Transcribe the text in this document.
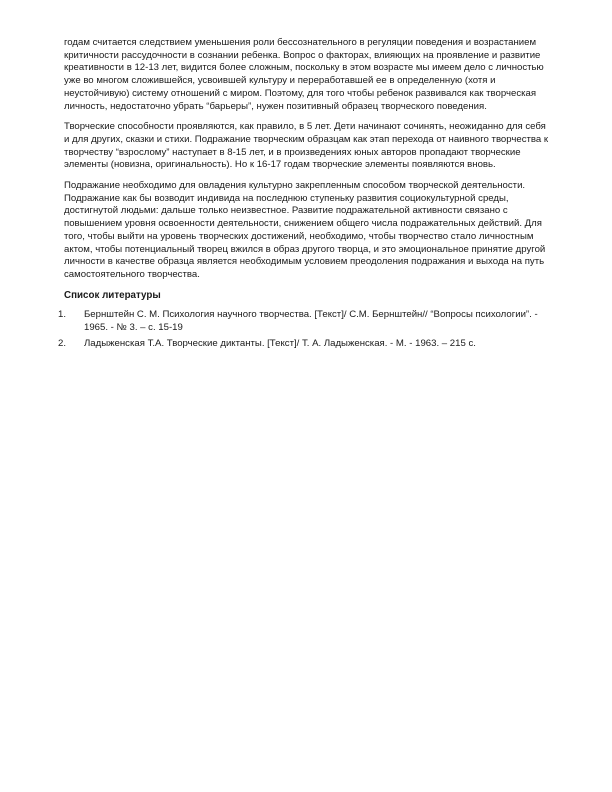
годам считается следствием уменьшения роли бессознательного в регуляции поведения и возрастанием критичности рассудочности в сознании ребенка. Вопрос о факторах, влияющих на проявление и развитие креативности в 12-13 лет, видится более сложным, поскольку в этом возрасте мы имеем дело с личностью уже во многом сложившейся, усвоившей культуру и переработавшей ее в определенную (хотя и неустойчивую) систему отношений с миром. Поэтому, для того чтобы ребенок развивался как творческая личность, недостаточно убрать “барьеры”, нужен позитивный образец творческого поведения.

Творческие способности проявляются, как правило, в 5 лет. Дети начинают сочинять, неожиданно для себя и для других, сказки и стихи. Подражание творческим образцам как этап перехода от наивного творчества к творчеству “взрослому” наступает в 8-15 лет, и в произведениях юных авторов пропадают творческие элементы (новизна, оригинальность). Но к 16-17 годам творческие элементы появляются вновь.

Подражание необходимо для овладения культурно закрепленным способом творческой деятельности. Подражание как бы возводит индивида на последнюю ступеньку развития социокультурной среды, достигнутой людьми: дальше только неизвестное. Развитие подражательной активности связано с повышением уровня освоенности деятельности, снижением общего числа подражательных действий. Для того, чтобы выйти на уровень творческих достижений, необходимо, чтобы творчество стало личностным актом, чтобы потенциальный творец вжился в образ другого творца, и это эмоциональное принятие другой личности в качестве образца является необходимым условием преодоления подражания и выхода на путь самостоятельного творчества.

Список литературы
1.	Бернштейн С. М. Психология научного творчества. [Текст]/ С.М. Бернштейн// “Вопросы психологии”. - 1965. - № 3. – с. 15-19
2.	Ладыженская Т.А. Творческие диктанты. [Текст]/ Т. А. Ладыженская. - М. - 1963. – 215 с.
